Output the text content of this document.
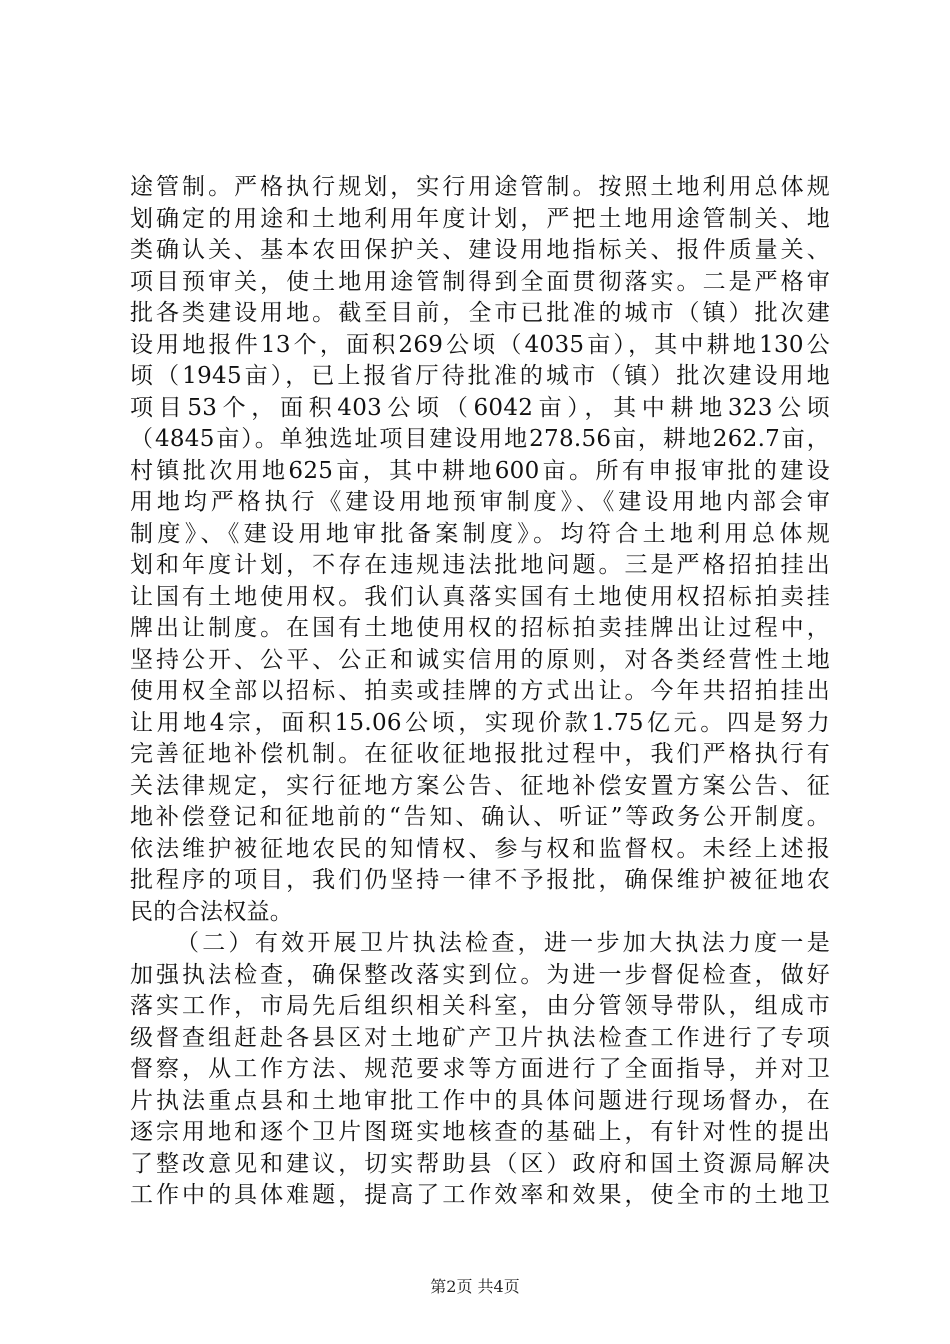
途管制。严格执行规划，实行用途管制。按照土地利用总体规
划确定的用途和土地利用年度计划，严把土地用途管制关、地
类确认关、基本农田保护关、建设用地指标关、报件质量关、
项目预审关，使土地用途管制得到全面贯彻落实。二是严格审
批各类建设用地。截至目前，全市已批准的城市（镇）批次建
设用地报件13个，面积269公顷（4035亩），其中耕地130公
顷（1945亩），已上报省厅待批准的城市（镇）批次建设用地
项目53个，面积403公顷（6042亩），其中耕地323公顷
（4845亩）。单独选址项目建设用地278.56亩，耕地262.7亩，
村镇批次用地625亩，其中耕地600亩。所有申报审批的建设
用地均严格执行《建设用地预审制度》、《建设用地内部会审
制度》、《建设用地审批备案制度》。均符合土地利用总体规
划和年度计划，不存在违规违法批地问题。三是严格招拍挂出
让国有土地使用权。我们认真落实国有土地使用权招标拍卖挂
牌出让制度。在国有土地使用权的招标拍卖挂牌出让过程中，
坚持公开、公平、公正和诚实信用的原则，对各类经营性土地
使用权全部以招标、拍卖或挂牌的方式出让。今年共招拍挂出
让用地4宗，面积15.06公顷，实现价款1.75亿元。四是努力
完善征地补偿机制。在征收征地报批过程中，我们严格执行有
关法律规定，实行征地方案公告、征地补偿安置方案公告、征
地补偿登记和征地前的“告知、确认、听证”等政务公开制度。
依法维护被征地农民的知情权、参与权和监督权。未经上述报
批程序的项目，我们仍坚持一律不予报批，确保维护被征地农
民的合法权益。
（二）有效开展卫片执法检查，进一步加大执法力度一是
加强执法检查，确保整改落实到位。为进一步督促检查，做好
落实工作，市局先后组织相关科室，由分管领导带队，组成市
级督查组赶赴各县区对土地矿产卫片执法检查工作进行了专项
督察，从工作方法、规范要求等方面进行了全面指导，并对卫
片执法重点县和土地审批工作中的具体问题进行现场督办，在
逐宗用地和逐个卫片图斑实地核查的基础上，有针对性的提出
了整改意见和建议，切实帮助县（区）政府和国土资源局解决
工作中的具体难题，提高了工作效率和效果，使全市的土地卫
第2页 共4页
